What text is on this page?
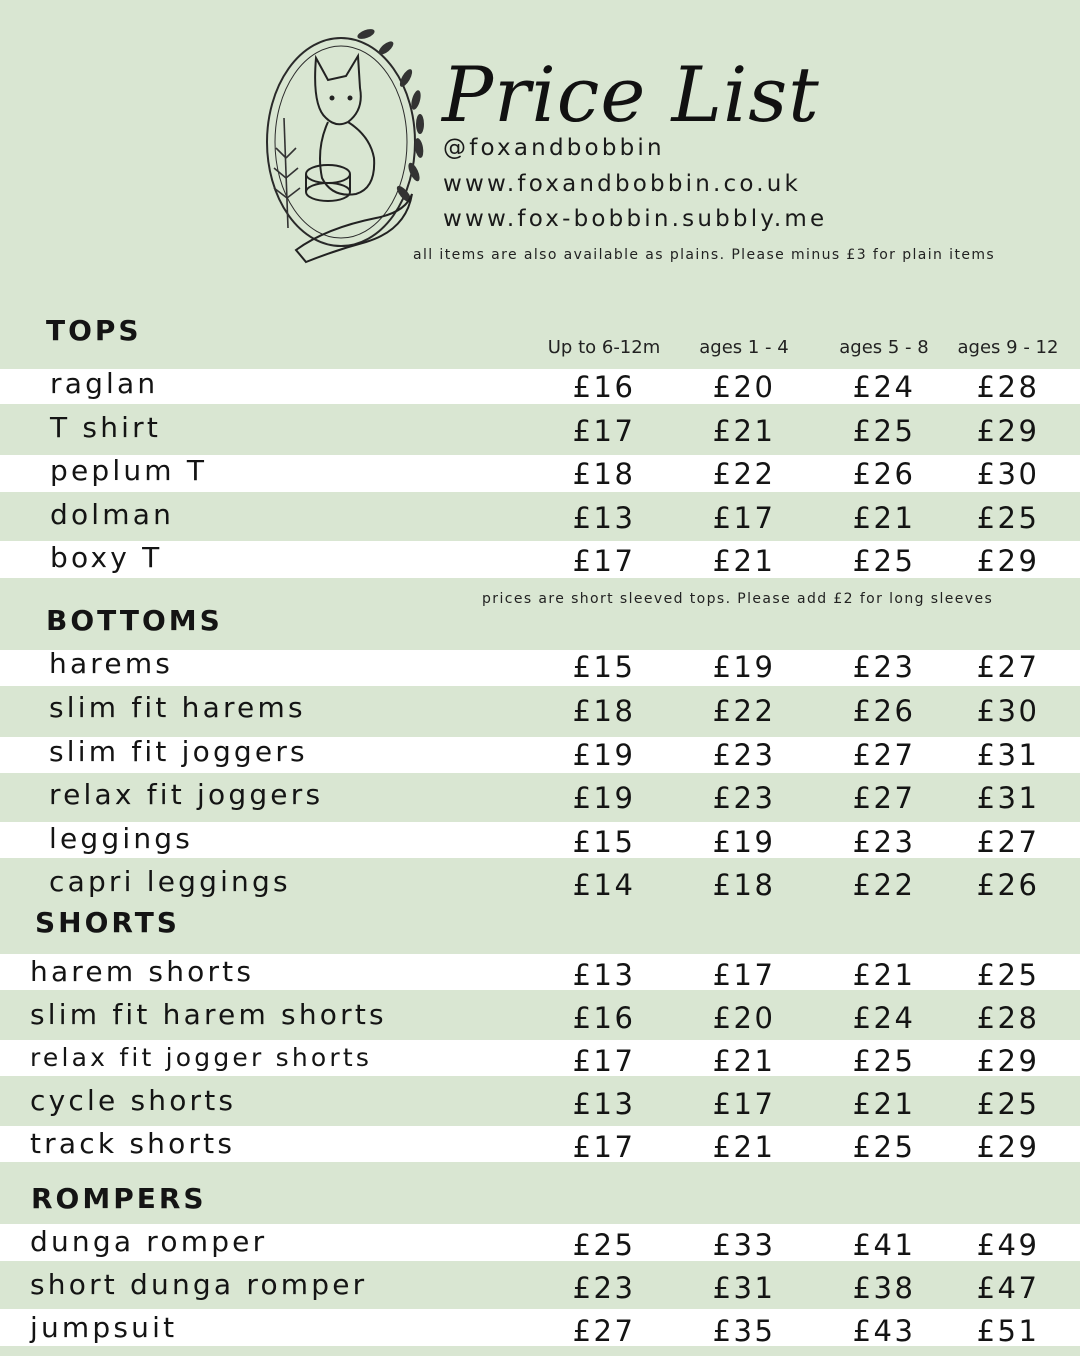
Price List
@foxandbobbin
www.foxandbobbin.co.uk
www.fox-bobbin.subbly.me
all items are also available as plains. Please minus £3 for plain items
TOPS
Up to 6-12m	ages 1 - 4	ages 5 - 8	ages 9 - 12
raglan	£16	£20	£24	£28
T shirt	£17	£21	£25	£29
peplum T	£18	£22	£26	£30
dolman	£13	£17	£21	£25
boxy T	£17	£21	£25	£29
prices are short sleeved tops. Please add £2 for long sleeves
BOTTOMS
harems	£15	£19	£23	£27
slim fit harems	£18	£22	£26	£30
slim fit joggers	£19	£23	£27	£31
relax fit joggers	£19	£23	£27	£31
leggings	£15	£19	£23	£27
capri leggings	£14	£18	£22	£26
SHORTS
harem shorts	£13	£17	£21	£25
slim fit harem shorts	£16	£20	£24	£28
relax fit jogger shorts	£17	£21	£25	£29
cycle shorts	£13	£17	£21	£25
track shorts	£17	£21	£25	£29
ROMPERS
dunga romper	£25	£33	£41	£49
short dunga romper	£23	£31	£38	£47
jumpsuit	£27	£35	£43	£51
